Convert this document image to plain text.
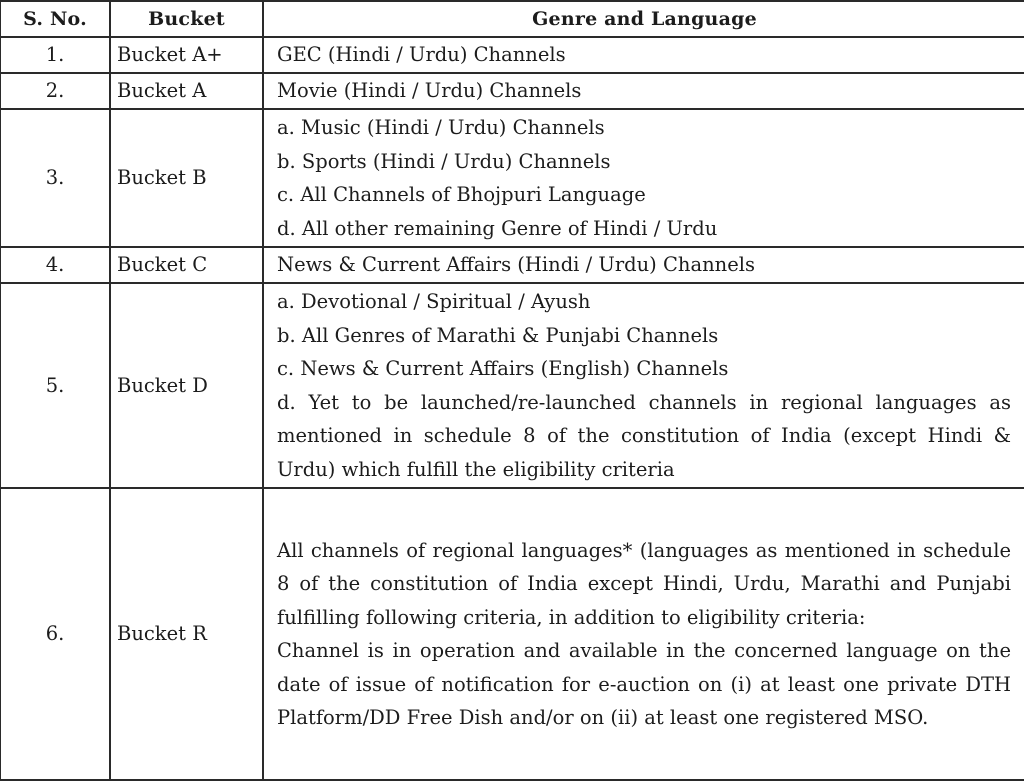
S. No.	Bucket	Genre and Language
1.	Bucket A+	GEC (Hindi / Urdu) Channels

2.	Bucket A	Movie (Hindi / Urdu) Channels

3.	Bucket B	a. Music (Hindi / Urdu) Channels
b. Sports (Hindi / Urdu) Channels
c. All Channels of Bhojpuri Language
d. All other remaining Genre of Hindi / Urdu

4.	Bucket C	News & Current Affairs (Hindi / Urdu) Channels

5.	Bucket D	a. Devotional / Spiritual / Ayush
b. All Genres of Marathi & Punjabi Channels
c. News & Current Affairs (English) Channels
d. Yet to be launched/re-launched channels in regional languages as mentioned in schedule 8 of the constitution of India (except Hindi & Urdu) which fulfill the eligibility criteria

6.	Bucket R	All channels of regional languages* (languages as mentioned in schedule 8 of the constitution of India except Hindi, Urdu, Marathi and Punjabi fulfilling following criteria, in addition to eligibility criteria:
Channel is in operation and available in the concerned language on the date of issue of notification for e-auction on (i) at least one private DTH Platform/DD Free Dish and/or on (ii) at least one registered MSO.
